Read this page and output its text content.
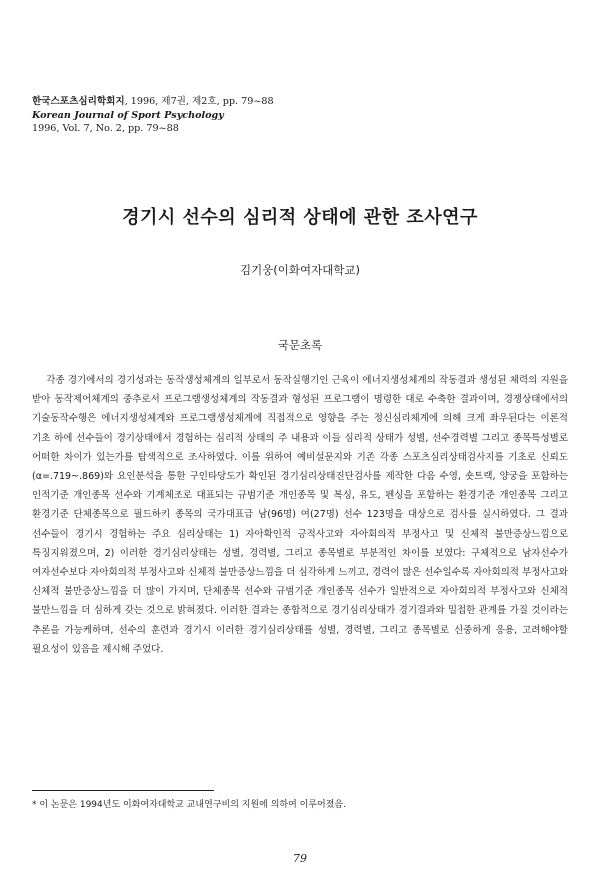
한국스포츠심리학회지, 1996, 제7권, 제2호, pp. 79~88
Korean Journal of Sport Psychology
1996, Vol. 7, No. 2, pp. 79~88
경기시 선수의 심리적 상태에 관한 조사연구
김기웅(이화여자대학교)
국문초록

각종 경기에서의 경기성과는 동작생성체계의 일부로서 동작실행기인 근육이 에너지생성체계의 작동결과 생성된 체력의 지원을 받아 동작제어체계의 중추로서 프로그램생성체계의 작동결과 형성된 프로그램이 명령한 대로 수축한 결과이며, 경쟁상태에서의 기술동작수행은 에너지생성체계와 프로그램생성체계에 직접적으로 영향을 주는 정신심리체계에 의해 크게 좌우된다는 이론적 기초 하에 선수들이 경기상태에서 경험하는 심리적 상태의 주 내용과 이들 심리적 상태가 성별, 선수경력별 그리고 종목특성별로 어떠한 차이가 있는가를 탐색적으로 조사하였다. 이를 위하여 예비설문지와 기존 각종 스포츠심리상태검사지를 기초로 신뢰도(α=.719~.869)와 요인분석을 통한 구인타당도가 확인된 경기심리상태진단검사를 제작한 다음 수영, 숏트랙, 양궁을 포함하는 인적기준 개인종목 선수와 기계체조로 대표되는 규범기준 개인종목 및 복싱, 유도, 펜싱을 포함하는 환경기준 개인종목 그리고 환경기준 단체종목으로 필드하키 종목의 국가대표급 남(96명) 여(27명) 선수 123명을 대상으로 검사를 실시하였다. 그 결과 선수들이 경기시 경험하는 주요 심리상태는 1) 자아확인적 긍적사고와 자아회의적 부정사고 및 신체적 불만증상느낌으로 특징지워졌으며, 2) 이러한 경기심리상태는 성별, 경력별, 그리고 종목별로 부분적인 차이를 보였다: 구체적으로 남자선수가 여자선수보다 자아회의적 부정사고와 신체적 불만증상느낌을 더 심각하게 느끼고, 경력이 많은 선수일수록 자아회의적 부정사고와 신체적 불만증상느낌을 더 많이 가지며, 단체종목 선수와 규범기준 개인종목 선수가 일반적으로 자아회의적 부정사고와 신체적 불만느낌을 더 심하게 갖는 것으로 밝혀졌다. 이러한 결과는 종합적으로 경기심리상태가 경기결과와 밀접한 관계를 가질 것이라는 추론을 가능케하며, 선수의 훈련과 경기시 이러한 경기심리상태를 성별, 경력별, 그리고 종목별로 신중하게 응용, 고려해야할 필요성이 있음을 제시해 주었다.

* 이 논문은 1994년도 이화여자대학교 교내연구비의 지원에 의하여 이루어졌음.
79
